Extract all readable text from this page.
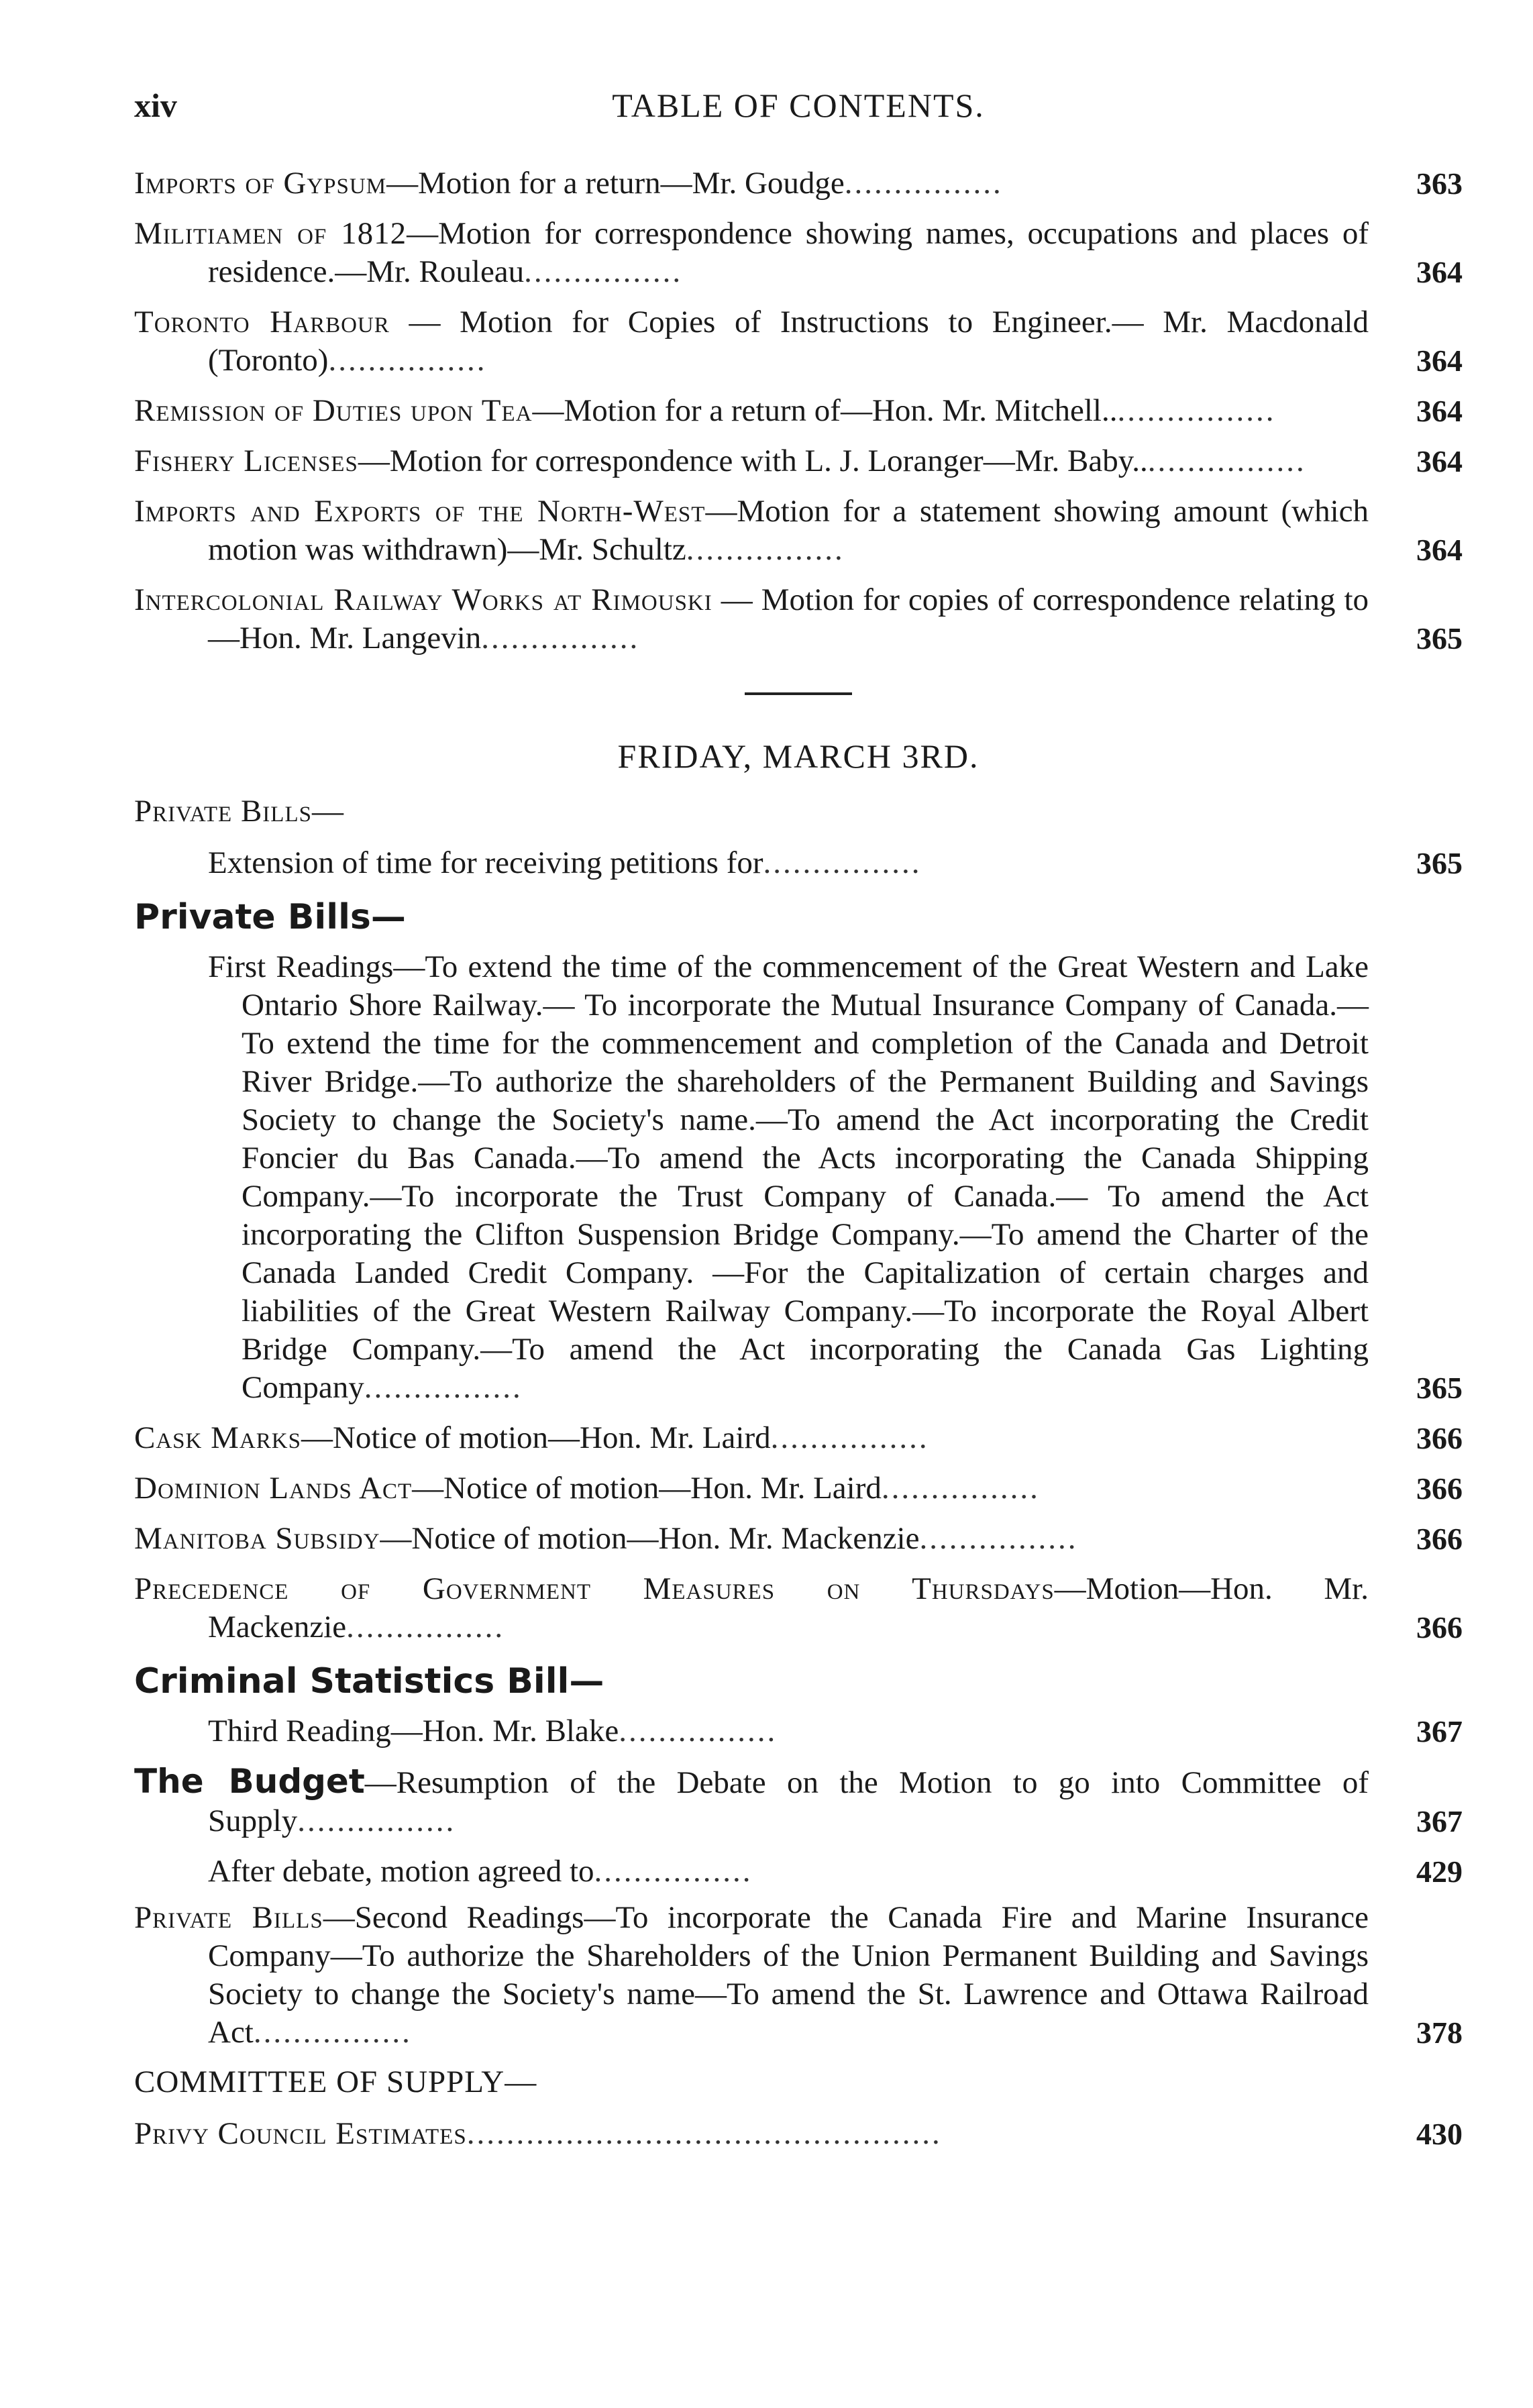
xiv	TABLE OF CONTENTS.
Imports of Gypsum—Motion for a return—Mr. Goudge................	363
Militiamen of 1812—Motion for correspondence showing names, occupations and places of residence.—Mr. Rouleau................	364
Toronto Harbour — Motion for Copies of Instructions to Engineer.— Mr. Macdonald (Toronto)................	364
Remission of Duties upon Tea—Motion for a return of—Hon. Mr. Mitchell..................	364
Fishery Licenses—Motion for correspondence with L. J. Loranger—Mr. Baby..................	364
Imports and Exports of the North-West—Motion for a statement showing amount (which motion was withdrawn)—Mr. Schultz................	364
Intercolonial Railway Works at Rimouski — Motion for copies of correspondence relating to—Hon. Mr. Langevin................	365
FRIDAY, MARCH 3RD.
Private Bills—
Extension of time for receiving petitions for................	365
Private Bills—
First Readings—To extend the time of the commencement of the Great Western and Lake Ontario Shore Railway.— To incorporate the Mutual Insurance Company of Canada.—To extend the time for the commencement and completion of the Canada and Detroit River Bridge.—To authorize the shareholders of the Permanent Building and Savings Society to change the Society's name.—To amend the Act incorporating the Credit Foncier du Bas Canada.—To amend the Acts incorporating the Canada Shipping Company.—To incorporate the Trust Company of Canada.— To amend the Act incorporating the Clifton Suspension Bridge Company.—To amend the Charter of the Canada Landed Credit Company. —For the Capitalization of certain charges and liabilities of the Great Western Railway Company.—To incorporate the Royal Albert Bridge Company.—To amend the Act incorporating the Canada Gas Lighting Company................	365
Cask Marks—Notice of motion—Hon. Mr. Laird................	366
Dominion Lands Act—Notice of motion—Hon. Mr. Laird................	366
Manitoba Subsidy—Notice of motion—Hon. Mr. Mackenzie................	366
Precedence of Government Measures on Thursdays—Motion—Hon. Mr. Mackenzie................	366
Criminal Statistics Bill—
Third Reading—Hon. Mr. Blake................	367
The Budget—Resumption of the Debate on the Motion to go into Committee of Supply................	367
After debate, motion agreed to................	429
Private Bills—Second Readings—To incorporate the Canada Fire and Marine Insurance Company—To authorize the Shareholders of the Union Permanent Building and Savings Society to change the Society's name—To amend the St. Lawrence and Ottawa Railroad Act................	378
COMMITTEE OF SUPPLY—
Privy Council Estimates................................................	430
